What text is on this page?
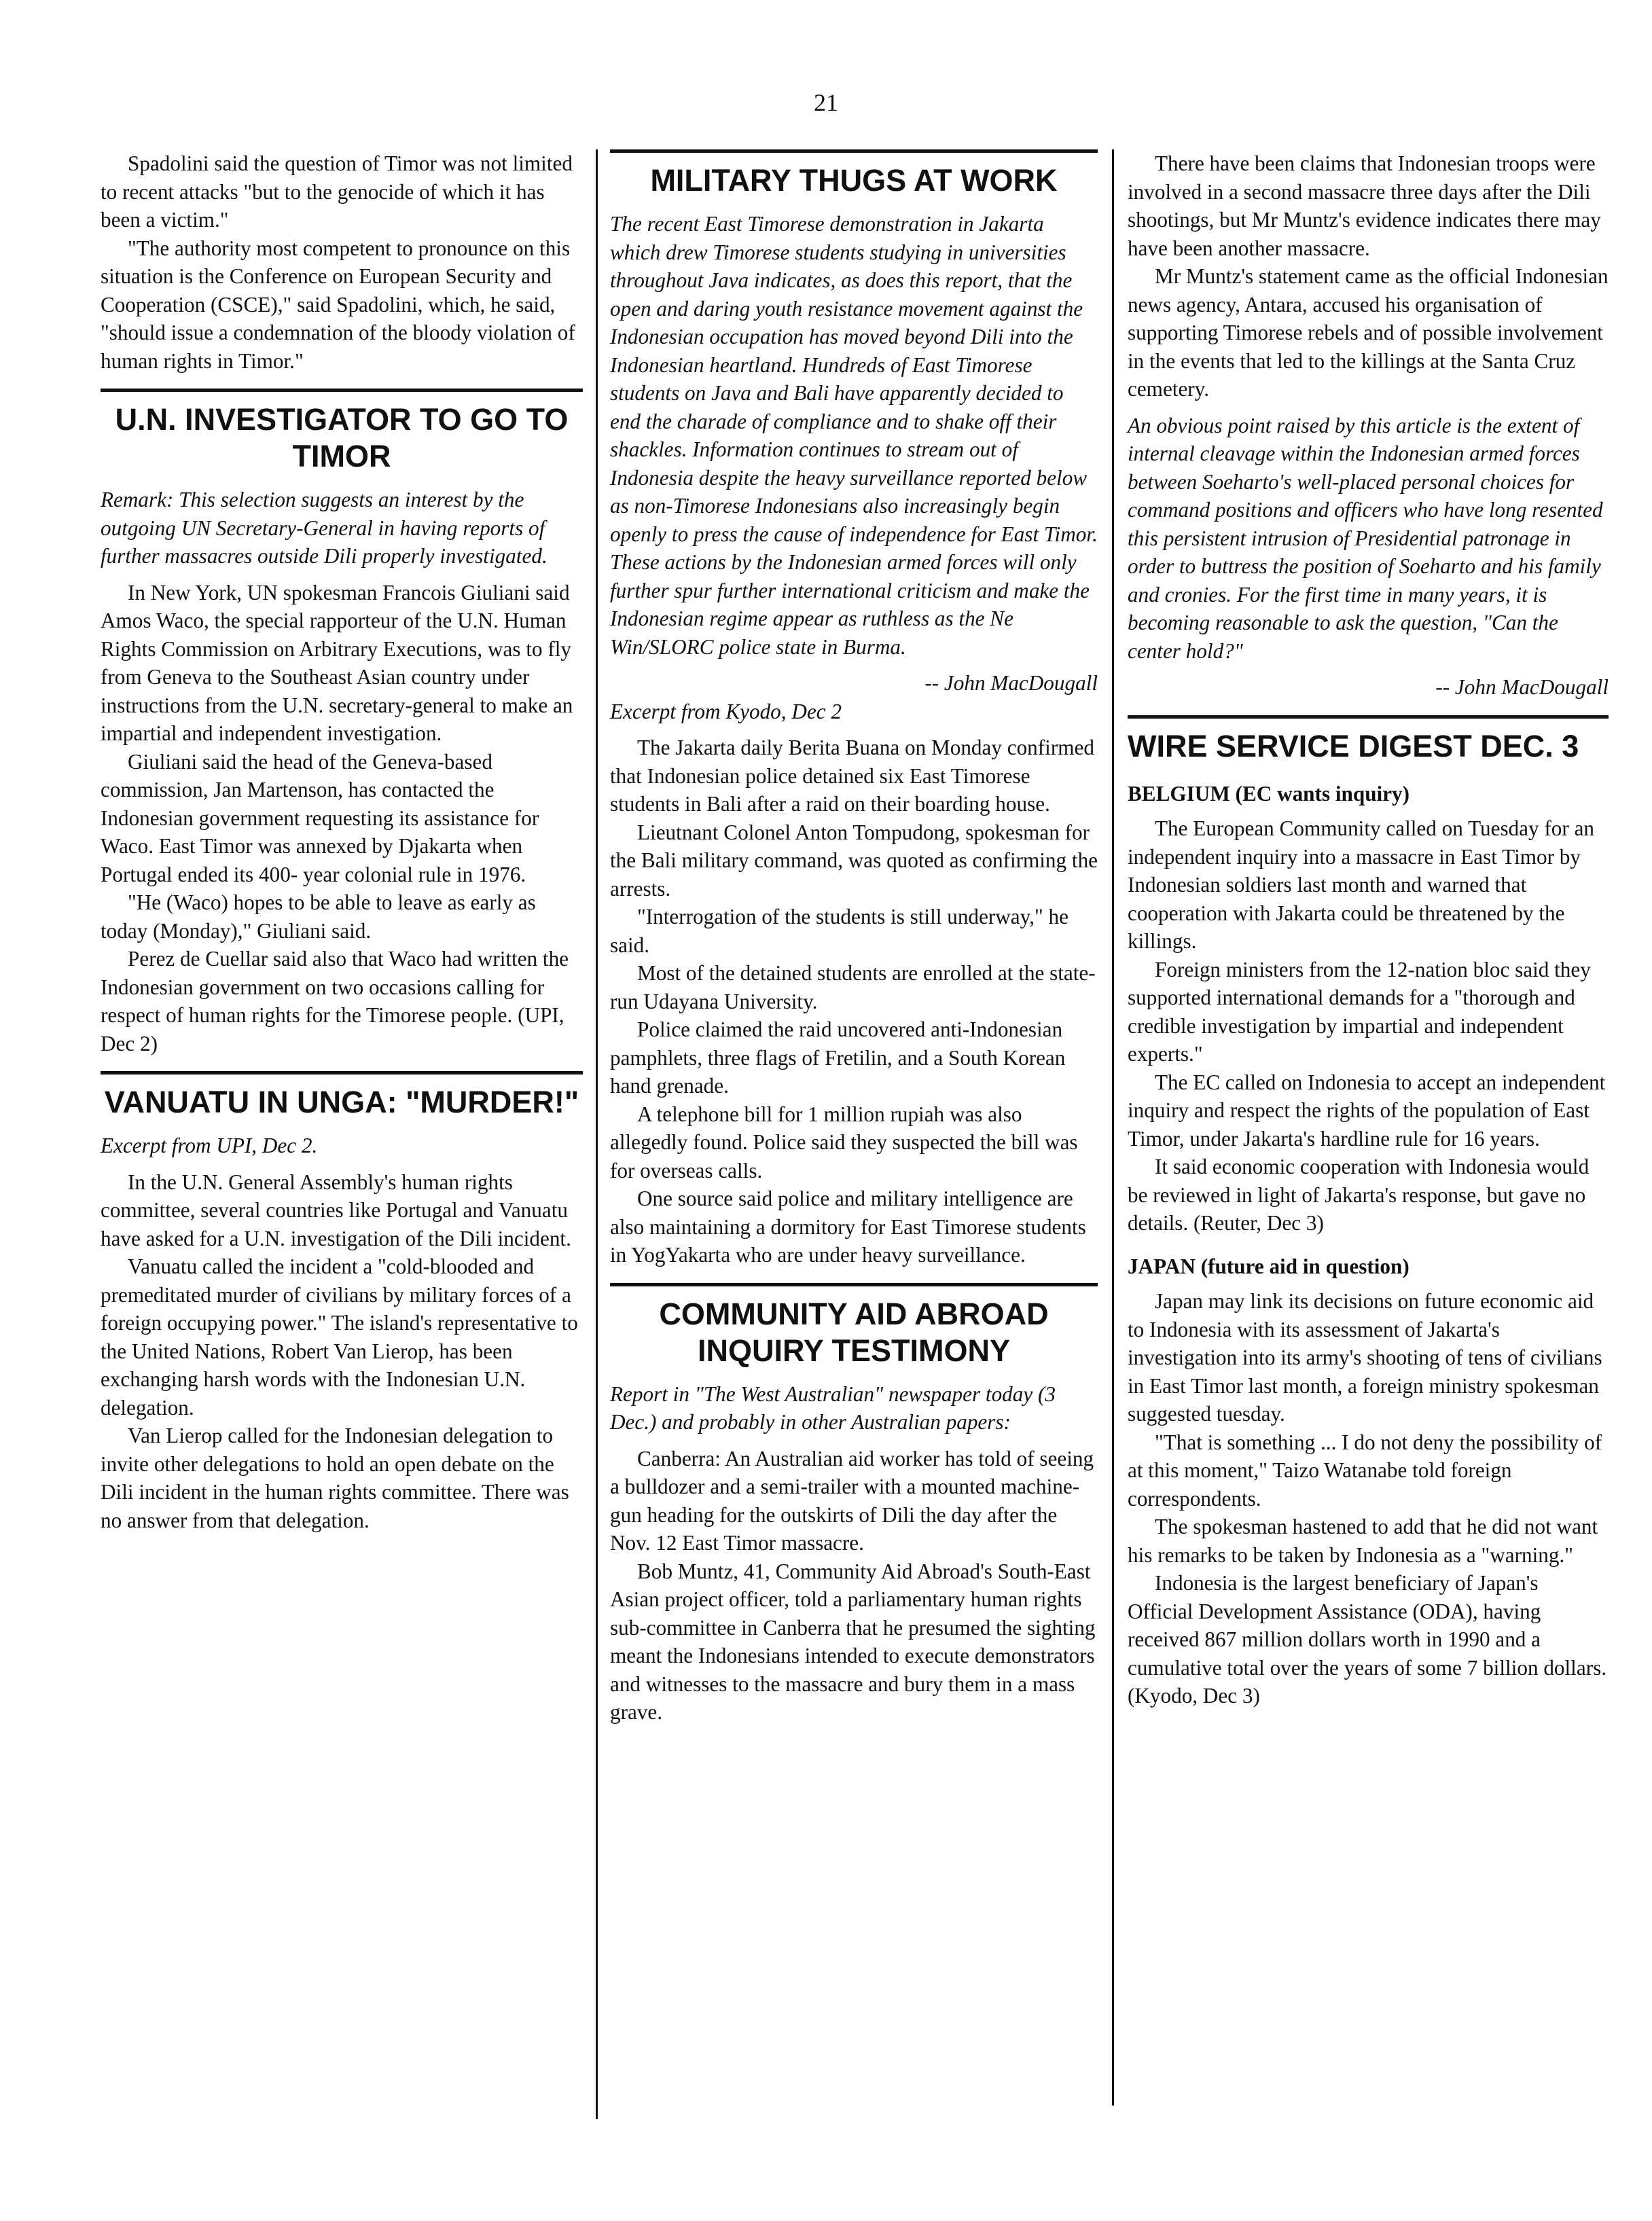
21

Spadolini said the question of Timor was not limited to recent attacks "but to the genocide of which it has been a victim."

"The authority most competent to pronounce on this situation is the Conference on European Security and Cooperation (CSCE)," said Spadolini, which, he said, "should issue a condemnation of the bloody violation of human rights in Timor."

U.N. INVESTIGATOR TO GO TO TIMOR

Remark: This selection suggests an interest by the outgoing UN Secretary-General in having reports of further massacres outside Dili properly investigated.

In New York, UN spokesman Francois Giuliani said Amos Waco, the special rapporteur of the U.N. Human Rights Commission on Arbitrary Executions, was to fly from Geneva to the Southeast Asian country under instructions from the U.N. secretary-general to make an impartial and independent investigation.

Giuliani said the head of the Geneva-based commission, Jan Martenson, has contacted the Indonesian government requesting its assistance for Waco. East Timor was annexed by Djakarta when Portugal ended its 400- year colonial rule in 1976.

"He (Waco) hopes to be able to leave as early as today (Monday)," Giuliani said.

Perez de Cuellar said also that Waco had written the Indonesian government on two occasions calling for respect of human rights for the Timorese people. (UPI, Dec 2)

VANUATU IN UNGA: "MURDER!"

Excerpt from UPI, Dec 2.

In the U.N. General Assembly's human rights committee, several countries like Portugal and Vanuatu have asked for a U.N. investigation of the Dili incident.

Vanuatu called the incident a "cold-blooded and premeditated murder of civilians by military forces of a foreign occupying power." The island's representative to the United Nations, Robert Van Lierop, has been exchanging harsh words with the Indonesian U.N. delegation.

Van Lierop called for the Indonesian delegation to invite other delegations to hold an open debate on the Dili incident in the human rights committee. There was no answer from that delegation.

MILITARY THUGS AT WORK

The recent East Timorese demonstration in Jakarta which drew Timorese students studying in universities throughout Java indicates, as does this report, that the open and daring youth resistance movement against the Indonesian occupation has moved beyond Dili into the Indonesian heartland. Hundreds of East Timorese students on Java and Bali have apparently decided to end the charade of compliance and to shake off their shackles. Information continues to stream out of Indonesia despite the heavy surveillance reported below as non-Timorese Indonesians also increasingly begin openly to press the cause of independence for East Timor. These actions by the Indonesian armed forces will only further spur further international criticism and make the Indonesian regime appear as ruthless as the Ne Win/SLORC police state in Burma.

-- John MacDougall

Excerpt from Kyodo, Dec 2

The Jakarta daily Berita Buana on Monday confirmed that Indonesian police detained six East Timorese students in Bali after a raid on their boarding house.

Lieutnant Colonel Anton Tompudong, spokesman for the Bali military command, was quoted as confirming the arrests.

"Interrogation of the students is still underway," he said.

Most of the detained students are enrolled at the state-run Udayana University.

Police claimed the raid uncovered anti-Indonesian pamphlets, three flags of Fretilin, and a South Korean hand grenade.

A telephone bill for 1 million rupiah was also allegedly found. Police said they suspected the bill was for overseas calls.

One source said police and military intelligence are also maintaining a dormitory for East Timorese students in YogYakarta who are under heavy surveillance.

COMMUNITY AID ABROAD INQUIRY TESTIMONY

Report in "The West Australian" newspaper today (3 Dec.) and probably in other Australian papers:

Canberra: An Australian aid worker has told of seeing a bulldozer and a semi-trailer with a mounted machine-gun heading for the outskirts of Dili the day after the Nov. 12 East Timor massacre.

Bob Muntz, 41, Community Aid Abroad's South-East Asian project officer, told a parliamentary human rights sub-committee in Canberra that he presumed the sighting meant the Indonesians intended to execute demonstrators and witnesses to the massacre and bury them in a mass grave.

There have been claims that Indonesian troops were involved in a second massacre three days after the Dili shootings, but Mr Muntz's evidence indicates there may have been another massacre.

Mr Muntz's statement came as the official Indonesian news agency, Antara, accused his organisation of supporting Timorese rebels and of possible involvement in the events that led to the killings at the Santa Cruz cemetery.

An obvious point raised by this article is the extent of internal cleavage within the Indonesian armed forces between Soeharto's well-placed personal choices for command positions and officers who have long resented this persistent intrusion of Presidential patronage in order to buttress the position of Soeharto and his family and cronies. For the first time in many years, it is becoming reasonable to ask the question, "Can the center hold?"

-- John MacDougall

WIRE SERVICE DIGEST DEC. 3

BELGIUM (EC wants inquiry)

The European Community called on Tuesday for an independent inquiry into a massacre in East Timor by Indonesian soldiers last month and warned that cooperation with Jakarta could be threatened by the killings.

Foreign ministers from the 12-nation bloc said they supported international demands for a "thorough and credible investigation by impartial and independent experts."

The EC called on Indonesia to accept an independent inquiry and respect the rights of the population of East Timor, under Jakarta's hardline rule for 16 years.

It said economic cooperation with Indonesia would be reviewed in light of Jakarta's response, but gave no details. (Reuter, Dec 3)

JAPAN (future aid in question)

Japan may link its decisions on future economic aid to Indonesia with its assessment of Jakarta's investigation into its army's shooting of tens of civilians in East Timor last month, a foreign ministry spokesman suggested tuesday.

"That is something ... I do not deny the possibility of at this moment," Taizo Watanabe told foreign correspondents.

The spokesman hastened to add that he did not want his remarks to be taken by Indonesia as a "warning."

Indonesia is the largest beneficiary of Japan's Official Development Assistance (ODA), having received 867 million dollars worth in 1990 and a cumulative total over the years of some 7 billion dollars. (Kyodo, Dec 3)
